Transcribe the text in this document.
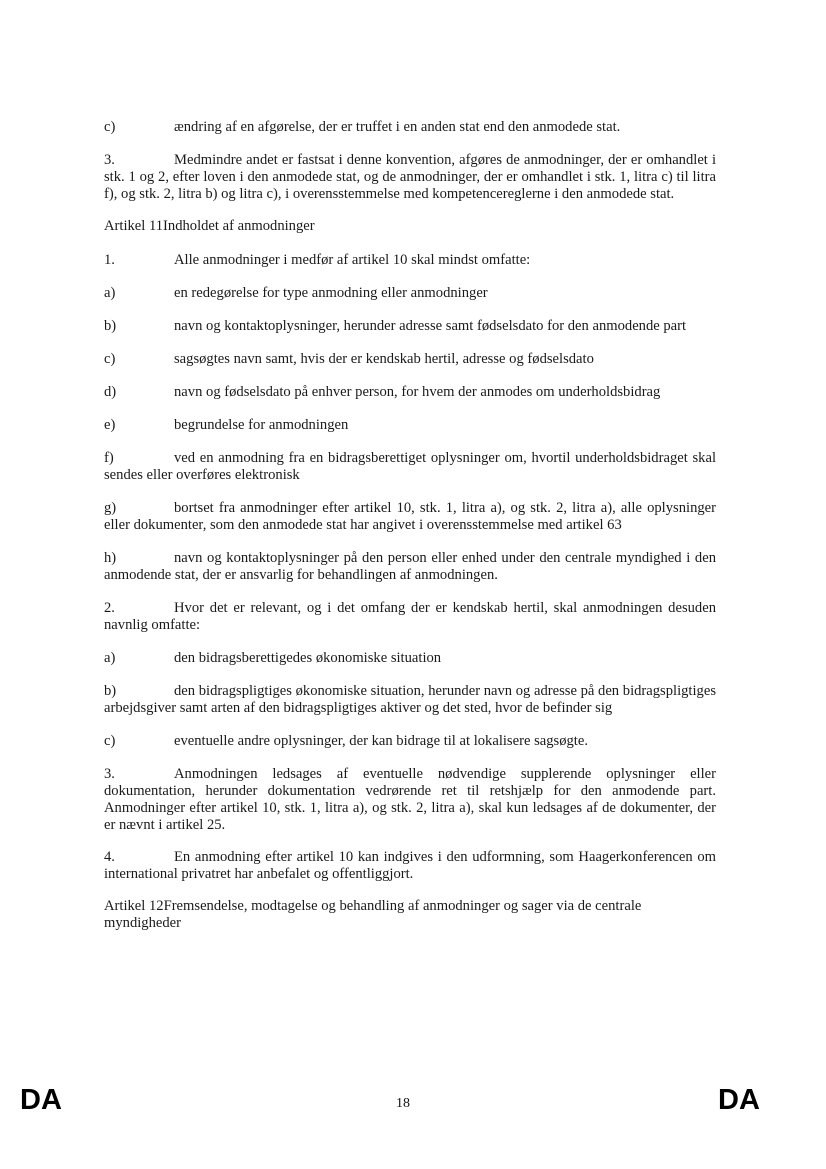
c)	ændring af en afgørelse, der er truffet i en anden stat end den anmodede stat.

3.	Medmindre andet er fastsat i denne konvention, afgøres de anmodninger, der er omhandlet i stk. 1 og 2, efter loven i den anmodede stat, og de anmodninger, der er omhandlet i stk. 1, litra c) til litra f), og stk. 2, litra b) og litra c), i overensstemmelse med kompetencereglerne i den anmodede stat.

Artikel 11Indholdet af anmodninger

1.	Alle anmodninger i medfør af artikel 10 skal mindst omfatte:

a)	en redegørelse for type anmodning eller anmodninger

b)	navn og kontaktoplysninger, herunder adresse samt fødselsdato for den anmodende part

c)	sagsøgtes navn samt, hvis der er kendskab hertil, adresse og fødselsdato

d)	navn og fødselsdato på enhver person, for hvem der anmodes om underholdsbidrag

e)	begrundelse for anmodningen

f)	ved en anmodning fra en bidragsberettiget oplysninger om, hvortil underholdsbidraget skal sendes eller overføres elektronisk

g)	bortset fra anmodninger efter artikel 10, stk. 1, litra a), og stk. 2, litra a), alle oplysninger eller dokumenter, som den anmodede stat har angivet i overensstemmelse med artikel 63

h)	navn og kontaktoplysninger på den person eller enhed under den centrale myndighed i den anmodende stat, der er ansvarlig for behandlingen af anmodningen.

2.	Hvor det er relevant, og i det omfang der er kendskab hertil, skal anmodningen desuden navnlig omfatte:

a)	den bidragsberettigedes økonomiske situation

b)	den bidragspligtiges økonomiske situation, herunder navn og adresse på den bidragspligtiges arbejdsgiver samt arten af den bidragspligtiges aktiver og det sted, hvor de befinder sig

c)	eventuelle andre oplysninger, der kan bidrage til at lokalisere sagsøgte.

3.	Anmodningen ledsages af eventuelle nødvendige supplerende oplysninger eller dokumentation, herunder dokumentation vedrørende ret til retshjælp for den anmodende part. Anmodninger efter artikel 10, stk. 1, litra a), og stk. 2, litra a), skal kun ledsages af de dokumenter, der er nævnt i artikel 25.

4.	En anmodning efter artikel 10 kan indgives i den udformning, som Haagerkonferencen om international privatret har anbefalet og offentliggjort.

Artikel 12Fremsendelse, modtagelse og behandling af anmodninger og sager via de centrale myndigheder

DA	18	DA
